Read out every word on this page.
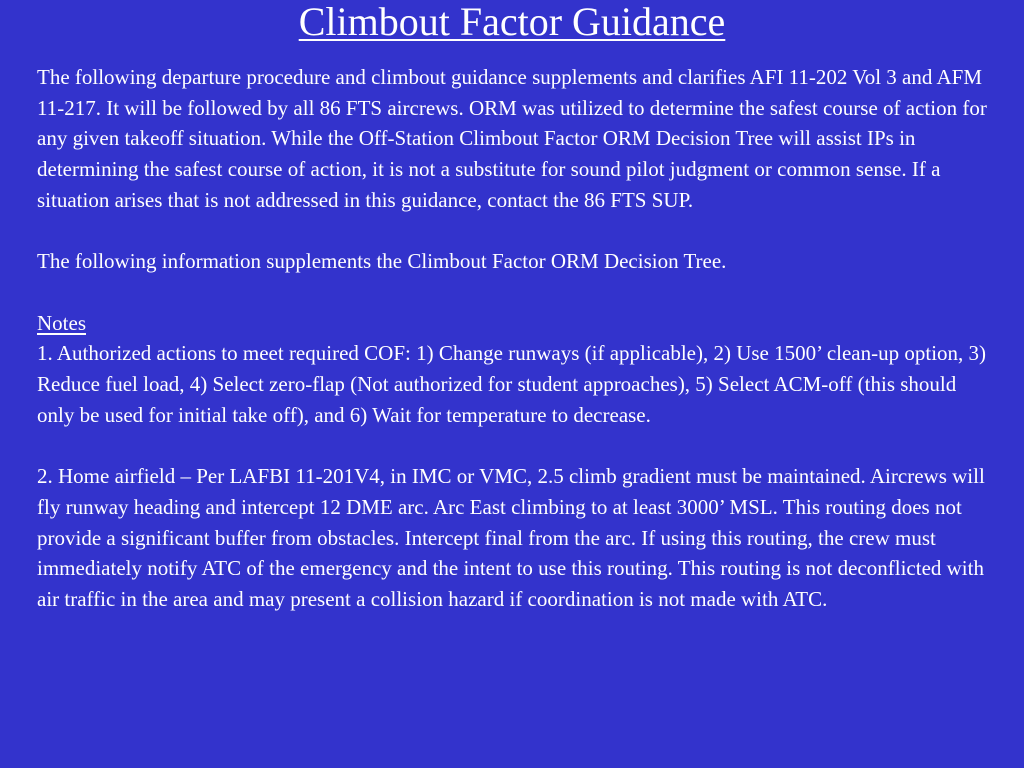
Climbout Factor Guidance

The following departure procedure and climbout guidance supplements and clarifies AFI 11-202 Vol 3 and AFM 11-217. It will be followed by all 86 FTS aircrews. ORM was utilized to determine the safest course of action for any given takeoff situation. While the Off-Station Climbout Factor ORM Decision Tree will assist IPs in determining the safest course of action, it is not a substitute for sound pilot judgment or common sense. If a situation arises that is not addressed in this guidance, contact the 86 FTS SUP.

The following information supplements the Climbout Factor ORM Decision Tree.

Notes

1. Authorized actions to meet required COF: 1) Change runways (if applicable), 2) Use 1500’ clean-up option, 3) Reduce fuel load, 4) Select zero-flap (Not authorized for student approaches), 5) Select ACM-off (this should only be used for initial take off), and 6) Wait for temperature to decrease.

2. Home airfield – Per LAFBI 11-201V4, in IMC or VMC, 2.5 climb gradient must be maintained. Aircrews will fly runway heading and intercept 12 DME arc. Arc East climbing to at least 3000’ MSL. This routing does not provide a significant buffer from obstacles. Intercept final from the arc. If using this routing, the crew must immediately notify ATC of the emergency and the intent to use this routing. This routing is not deconflicted with air traffic in the area and may present a collision hazard if coordination is not made with ATC.
